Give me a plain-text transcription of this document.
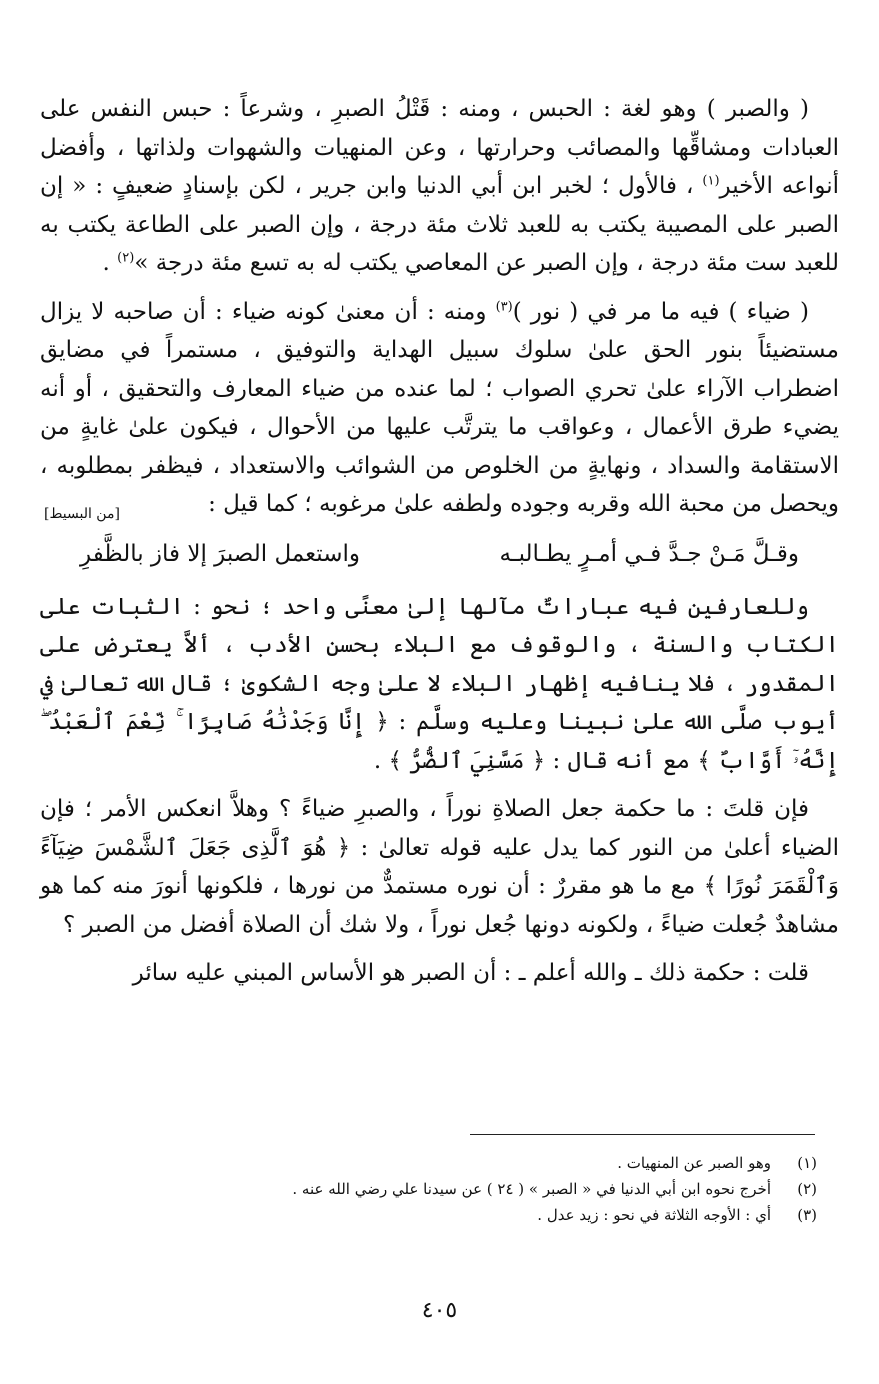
( والصبر ) وهو لغة : الحبس ، ومنه : قَتْلُ الصبرِ ، وشرعاً : حبس النفس على العبادات ومشاقِّها والمصائب وحرارتها ، وعن المنهيات والشهوات ولذاتها ، وأفضل أنواعه الأخير$^{(١)}$ ، فالأول ؛ لخبر ابن أبي الدنيا وابن جرير ، لكن بإسنادٍ ضعيفٍ : « إن الصبر على المصيبة يكتب به للعبد ثلاث مئة درجة ، وإن الصبر على الطاعة يكتب به للعبد ست مئة درجة ، وإن الصبر عن المعاصي يكتب له به تسع مئة درجة »$^{(٢)}$ .

( ضياء ) فيه ما مر في ( نور )$^{(٣)}$ ومنه : أن معنىٰ كونه ضياء : أن صاحبه لا يزال مستضيئاً بنور الحق علىٰ سلوك سبيل الهداية والتوفيق ، مستمراً في مضايق اضطراب الآراء علىٰ تحري الصواب ؛ لما عنده من ضياء المعارف والتحقيق ، أو أنه يضيء طرق الأعمال ، وعواقب ما يترتَّب عليها من الأحوال ، فيكون علىٰ غايةٍ من الاستقامة والسداد ، ونهايةٍ من الخلوص من الشوائب والاستعداد ، فيظفر بمطلوبه ، ويحصل من محبة الله وقربه وجوده ولطفه علىٰ مرغوبه ؛ كما قيل :
[من البسيط]

وقـلَّ مَـنْ جـدَّ فـي أمـرٍ يطـالبـه
واستعمل الصبرَ إلا فاز بالظَّفرِ

وللعارفين فيه عباراتٌ مآلها إلىٰ معنًى واحد ؛ نحو : الثبات على الكتاب والسنة ، والوقوف مع البلاء بحسن الأدب ، ألاَّ يعترض على المقدور ، فلا ينافيه إظهار البلاء لا علىٰ وجه الشكوىٰ ؛ قال الله تعالىٰ في أيوب صلَّى الله علىٰ نبينا وعليه وسلَّم : ﴿ إِنَّا وَجَدْنَٰهُ صَابِرًا ۚ نِّعْمَ ٱلْعَبْدُ ۖ إِنَّهُۥٓ أَوَّابٌ ﴾ مع أنه قال : ﴿ مَسَّنِيَ ٱلضُّرُّ ﴾ .

فإن قلتَ : ما حكمة جعل الصلاةِ نوراً ، والصبرِ ضياءً ؟ وهلاَّ انعكس الأمر ؛ فإن الضياء أعلىٰ من النور كما يدل عليه قوله تعالىٰ : ﴿ هُوَ ٱلَّذِى جَعَلَ ٱلشَّمْسَ ضِيَآءً وَٱلْقَمَرَ نُورًا ﴾ مع ما هو مقررٌ : أن نوره مستمدٌّ من نورها ، فلكونها أنورَ منه كما هو مشاهدٌ جُعلت ضياءً ، ولكونه دونها جُعل نوراً ، ولا شك أن الصلاة أفضل من الصبر ؟

قلت : حكمة ذلك ـ والله أعلم ـ : أن الصبر هو الأساس المبني عليه سائر

(١)
وهو الصبر عن المنهيات .
(٢)
أخرج نحوه ابن أبي الدنيا في « الصبر » ( ٢٤ ) عن سيدنا علي رضي الله عنه .
(٣)
أي : الأوجه الثلاثة في نحو : زيد عدل .
٤٠٥
